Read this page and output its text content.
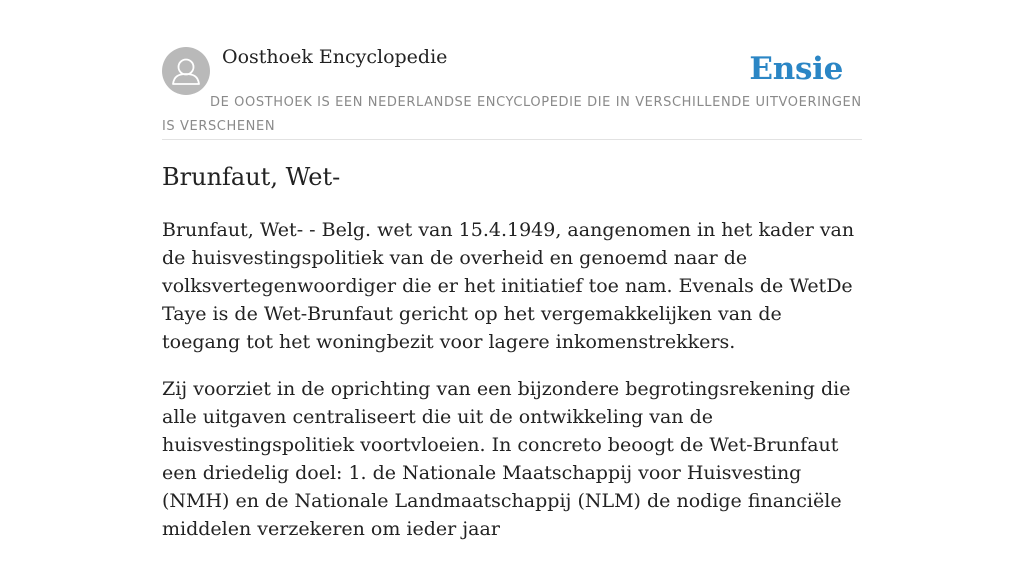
Oosthoek Encyclopedie	Ensie
DE OOSTHOEK IS EEN NEDERLANDSE ENCYCLOPEDIE DIE IN VERSCHILLENDE UITVOERINGEN IS VERSCHENEN
Brunfaut, Wet-

Brunfaut, Wet- - Belg. wet van 15.4.1949, aangenomen in het kader van de huisvestingspolitiek van de overheid en genoemd naar de volksvertegenwoordiger die er het initiatief toe nam. Evenals de WetDe Taye is de Wet-Brunfaut gericht op het vergemakkelijken van de toegang tot het woningbezit voor lagere inkomenstrekkers.

Zij voorziet in de oprichting van een bijzondere begrotingsrekening die alle uitgaven centraliseert die uit de ontwikkeling van de huisvestingspolitiek voortvloeien. In concreto beoogt de Wet-Brunfaut een driedelig doel: 1. de Nationale Maatschappij voor Huisvesting (NMH) en de Nationale Landmaatschappij (NLM) de nodige financiële middelen verzekeren om ieder jaar
